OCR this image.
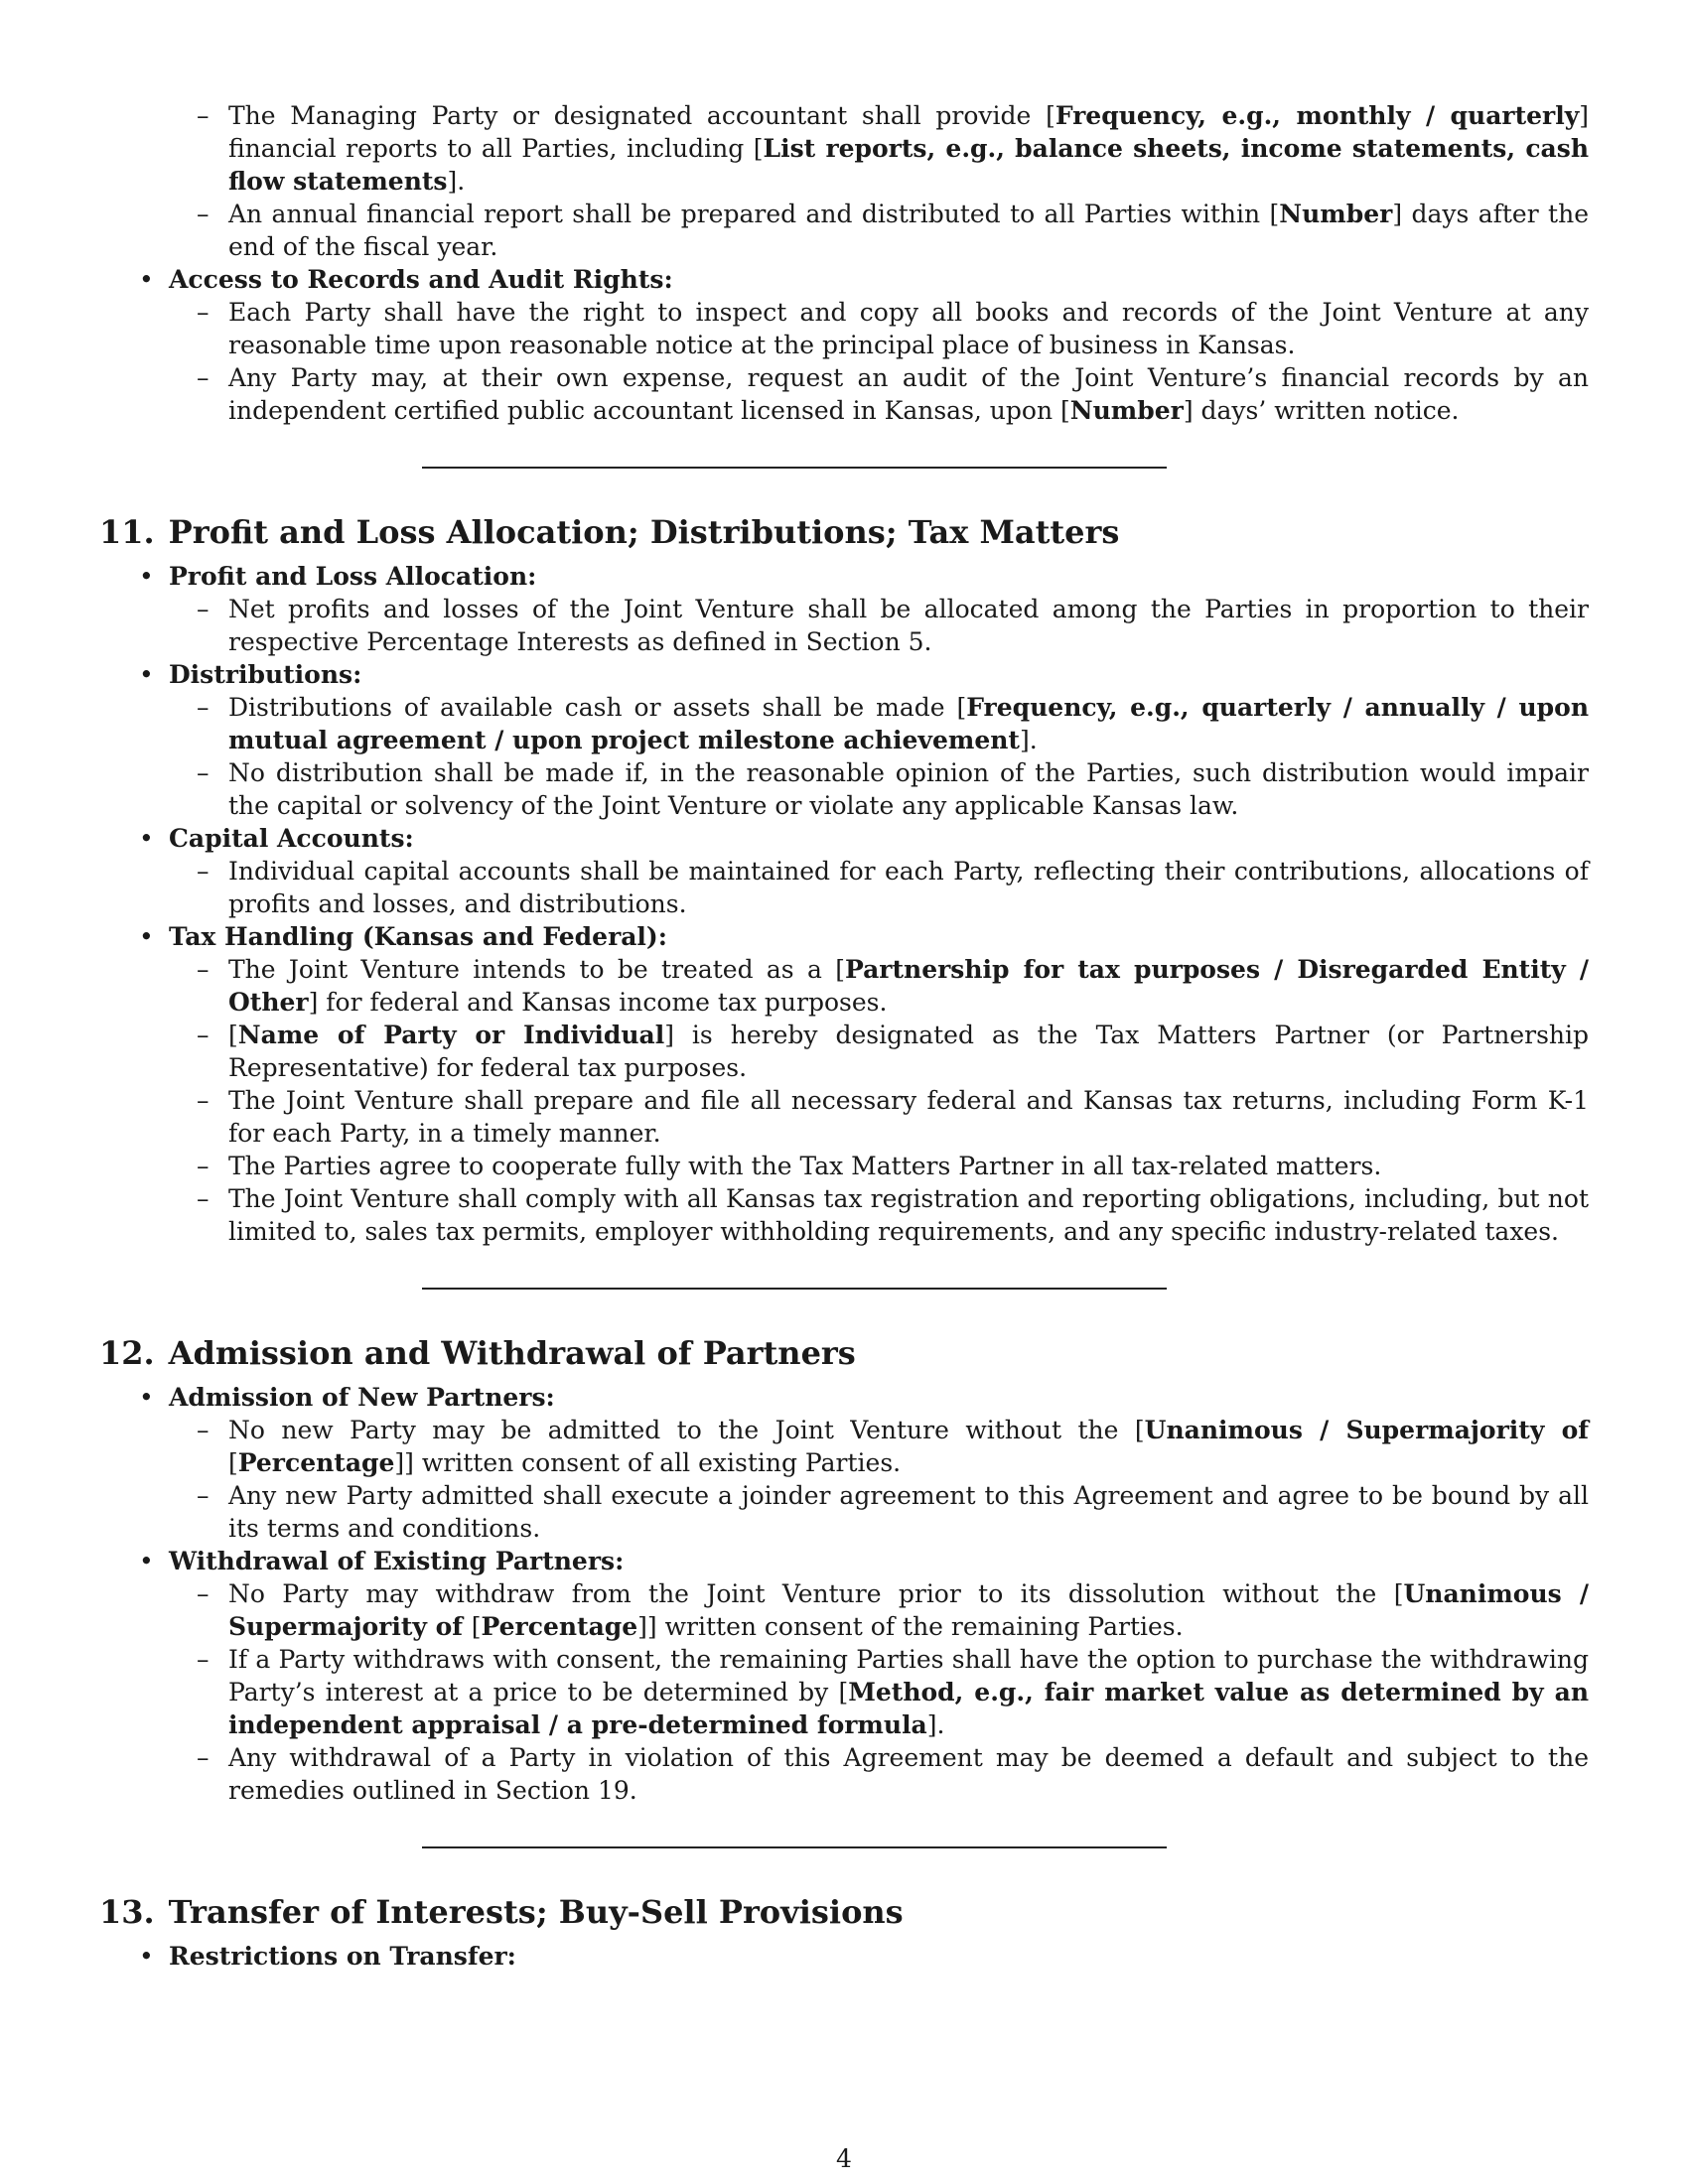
– The Managing Party or designated accountant shall provide [Frequency, e.g., monthly / quarterly] financial reports to all Parties, including [List reports, e.g., balance sheets, income statements, cash flow statements].
– An annual financial report shall be prepared and distributed to all Parties within [Number] days after the end of the fiscal year.
• Access to Records and Audit Rights:
– Each Party shall have the right to inspect and copy all books and records of the Joint Venture at any reasonable time upon reasonable notice at the principal place of business in Kansas.
– Any Party may, at their own expense, request an audit of the Joint Venture’s financial records by an independent certified public accountant licensed in Kansas, upon [Number] days’ written notice.
11. Profit and Loss Allocation; Distributions; Tax Matters
• Profit and Loss Allocation:
– Net profits and losses of the Joint Venture shall be allocated among the Parties in proportion to their respective Percentage Interests as defined in Section 5.
• Distributions:
– Distributions of available cash or assets shall be made [Frequency, e.g., quarterly / annually / upon mutual agreement / upon project milestone achievement].
– No distribution shall be made if, in the reasonable opinion of the Parties, such distribution would impair the capital or solvency of the Joint Venture or violate any applicable Kansas law.
• Capital Accounts:
– Individual capital accounts shall be maintained for each Party, reflecting their contributions, allocations of profits and losses, and distributions.
• Tax Handling (Kansas and Federal):
– The Joint Venture intends to be treated as a [Partnership for tax purposes / Disregarded Entity / Other] for federal and Kansas income tax purposes.
– [Name of Party or Individual] is hereby designated as the Tax Matters Partner (or Partnership Representative) for federal tax purposes.
– The Joint Venture shall prepare and file all necessary federal and Kansas tax returns, including Form K-1 for each Party, in a timely manner.
– The Parties agree to cooperate fully with the Tax Matters Partner in all tax-related matters.
– The Joint Venture shall comply with all Kansas tax registration and reporting obligations, including, but not limited to, sales tax permits, employer withholding requirements, and any specific industry-related taxes.
12. Admission and Withdrawal of Partners
• Admission of New Partners:
– No new Party may be admitted to the Joint Venture without the [Unanimous / Supermajority of [Percentage]] written consent of all existing Parties.
– Any new Party admitted shall execute a joinder agreement to this Agreement and agree to be bound by all its terms and conditions.
• Withdrawal of Existing Partners:
– No Party may withdraw from the Joint Venture prior to its dissolution without the [Unanimous / Supermajority of [Percentage]] written consent of the remaining Parties.
– If a Party withdraws with consent, the remaining Parties shall have the option to purchase the withdrawing Party’s interest at a price to be determined by [Method, e.g., fair market value as determined by an independent appraisal / a pre-determined formula].
– Any withdrawal of a Party in violation of this Agreement may be deemed a default and subject to the remedies outlined in Section 19.
13. Transfer of Interests; Buy-Sell Provisions
• Restrictions on Transfer:
4
